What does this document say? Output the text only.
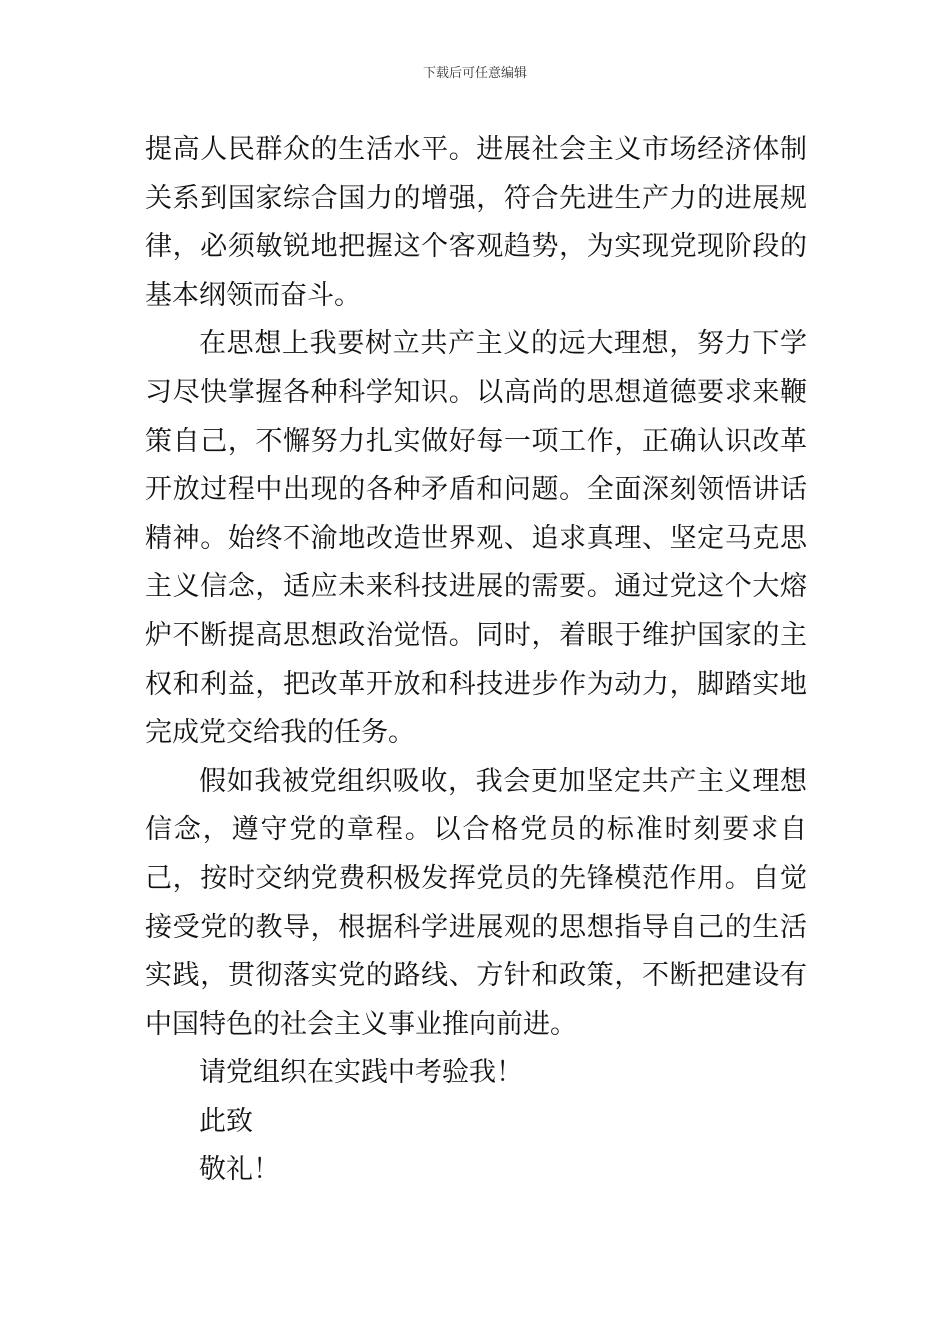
下载后可任意编辑

提高人民群众的生活水平。进展社会主义市场经济体制关系到国家综合国力的增强，符合先进生产力的进展规律，必须敏锐地把握这个客观趋势，为实现党现阶段的基本纲领而奋斗。

在思想上我要树立共产主义的远大理想，努力下学习尽快掌握各种科学知识。以高尚的思想道德要求来鞭策自己，不懈努力扎实做好每一项工作，正确认识改革开放过程中出现的各种矛盾和问题。全面深刻领悟讲话精神。始终不渝地改造世界观、追求真理、坚定马克思主义信念，适应未来科技进展的需要。通过党这个大熔炉不断提高思想政治觉悟。同时，着眼于维护国家的主权和利益，把改革开放和科技进步作为动力，脚踏实地完成党交给我的任务。

假如我被党组织吸收，我会更加坚定共产主义理想信念，遵守党的章程。以合格党员的标准时刻要求自己，按时交纳党费积极发挥党员的先锋模范作用。自觉接受党的教导，根据科学进展观的思想指导自己的生活实践，贯彻落实党的路线、方针和政策，不断把建设有中国特色的社会主义事业推向前进。

请党组织在实践中考验我！

此致

敬礼！
